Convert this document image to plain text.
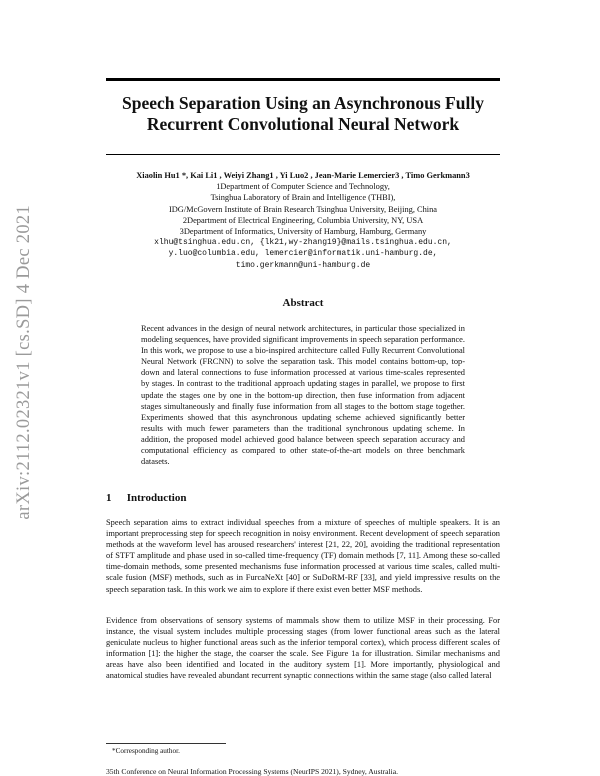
arXiv:2112.02321v1 [cs.SD] 4 Dec 2021
Speech Separation Using an Asynchronous Fully
Recurrent Convolutional Neural Network
Xiaolin Hu1 *, Kai Li1 , Weiyi Zhang1 , Yi Luo2 , Jean-Marie Lemercier3 , Timo Gerkmann3
1Department of Computer Science and Technology,
Tsinghua Laboratory of Brain and Intelligence (THBI),
IDG/McGovern Institute of Brain Research Tsinghua University, Beijing, China
2Department of Electrical Engineering, Columbia University, NY, USA
3Department of Informatics, University of Hamburg, Hamburg, Germany
xlhu@tsinghua.edu.cn, {lk21,wy-zhang19}@mails.tsinghua.edu.cn,
y.luo@columbia.edu, lemercier@informatik.uni-hamburg.de,
timo.gerkmann@uni-hamburg.de
Abstract
Recent advances in the design of neural network architectures, in particular those specialized in modeling sequences, have provided significant improvements in speech separation performance. In this work, we propose to use a bio-inspired architecture called Fully Recurrent Convolutional Neural Network (FRCNN) to solve the separation task. This model contains bottom-up, top-down and lateral connections to fuse information processed at various time-scales represented by stages. In contrast to the traditional approach updating stages in parallel, we propose to first update the stages one by one in the bottom-up direction, then fuse information from adjacent stages simultaneously and finally fuse information from all stages to the bottom stage together. Experiments showed that this asynchronous updating scheme achieved significantly better results with much fewer parameters than the traditional synchronous updating scheme. In addition, the proposed model achieved good balance between speech separation accuracy and computational efficiency as compared to other state-of-the-art models on three benchmark datasets.
1 Introduction
Speech separation aims to extract individual speeches from a mixture of speeches of multiple speakers. It is an important preprocessing step for speech recognition in noisy environment. Recent development of speech separation methods at the waveform level has aroused researchers' interest [21, 22, 20], avoiding the traditional representation of STFT amplitude and phase used in so-called time-frequency (TF) domain methods [7, 11]. Among these so-called time-domain methods, some presented mechanisms fuse information processed at various time scales, called multi-scale fusion (MSF) methods, such as in FurcaNeXt [40] or SuDoRM-RF [33], and yield impressive results on the speech separation task. In this work we aim to explore if there exist even better MSF methods.
Evidence from observations of sensory systems of mammals show them to utilize MSF in their processing. For instance, the visual system includes multiple processing stages (from lower functional areas such as the lateral geniculate nucleus to higher functional areas such as the inferior temporal cortex), which process different scales of information [1]: the higher the stage, the coarser the scale. See Figure 1a for illustration. Similar mechanisms and areas have also been identified and located in the auditory system [1]. More importantly, physiological and anatomical studies have revealed abundant recurrent synaptic connections within the same stage (also called lateral
*Corresponding author.
35th Conference on Neural Information Processing Systems (NeurIPS 2021), Sydney, Australia.
